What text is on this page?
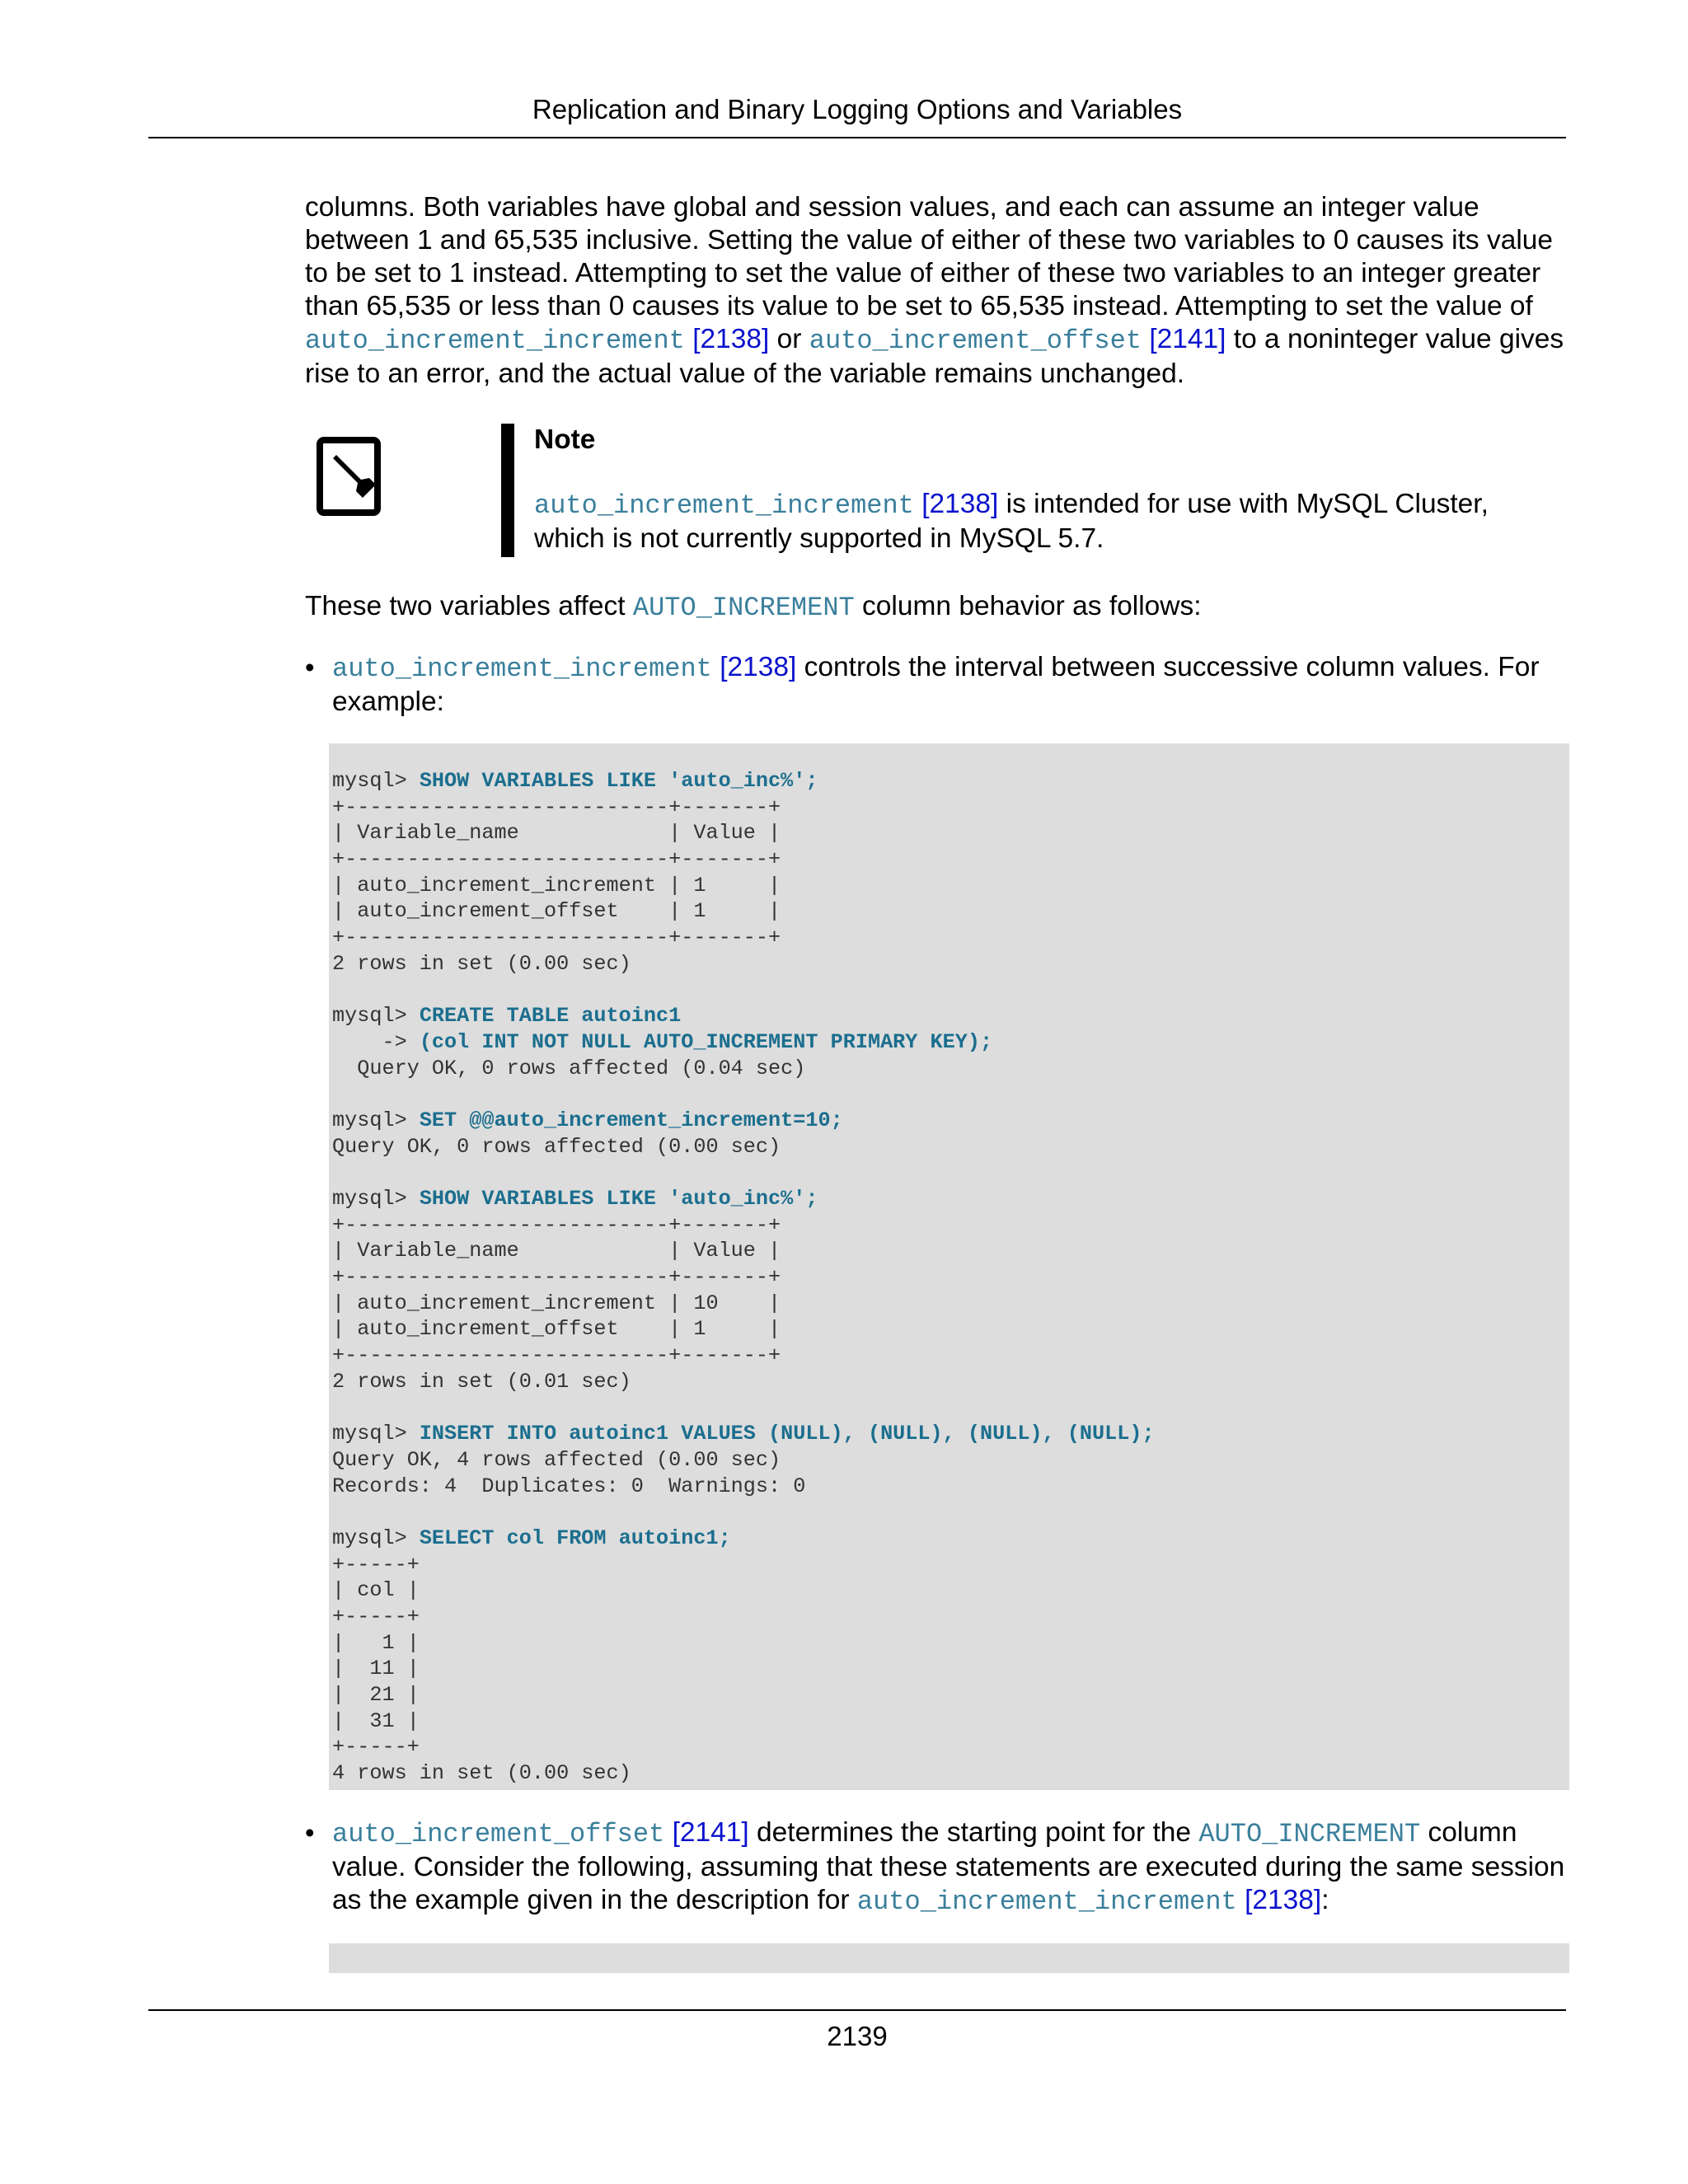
Replication and Binary Logging Options and Variables

columns. Both variables have global and session values, and each can assume an integer value between 1 and 65,535 inclusive. Setting the value of either of these two variables to 0 causes its value to be set to 1 instead. Attempting to set the value of either of these two variables to an integer greater than 65,535 or less than 0 causes its value to be set to 65,535 instead. Attempting to set the value of auto_increment_increment [2138] or auto_increment_offset [2141] to a noninteger value gives rise to an error, and the actual value of the variable remains unchanged.

Note

auto_increment_increment [2138] is intended for use with MySQL Cluster, which is not currently supported in MySQL 5.7.

These two variables affect AUTO_INCREMENT column behavior as follows:

• auto_increment_increment [2138] controls the interval between successive column values. For example:

mysql> SHOW VARIABLES LIKE 'auto_inc%';
+--------------------------+-------+
| Variable_name            | Value |
+--------------------------+-------+
| auto_increment_increment | 1     |
| auto_increment_offset    | 1     |
+--------------------------+-------+
2 rows in set (0.00 sec)
mysql> CREATE TABLE autoinc1
-> (col INT NOT NULL AUTO_INCREMENT PRIMARY KEY);
Query OK, 0 rows affected (0.04 sec)
mysql> SET @@auto_increment_increment=10;
Query OK, 0 rows affected (0.00 sec)
mysql> SHOW VARIABLES LIKE 'auto_inc%';
+--------------------------+-------+
| Variable_name            | Value |
+--------------------------+-------+
| auto_increment_increment | 10    |
| auto_increment_offset    | 1     |
+--------------------------+-------+
2 rows in set (0.01 sec)
mysql> INSERT INTO autoinc1 VALUES (NULL), (NULL), (NULL), (NULL);
Query OK, 4 rows affected (0.00 sec)
Records: 4  Duplicates: 0  Warnings: 0
mysql> SELECT col FROM autoinc1;
+-----+
| col |
+-----+
|   1 |
|  11 |
|  21 |
|  31 |
+-----+
4 rows in set (0.00 sec)

• auto_increment_offset [2141] determines the starting point for the AUTO_INCREMENT column value. Consider the following, assuming that these statements are executed during the same session as the example given in the description for auto_increment_increment [2138]:

2139
